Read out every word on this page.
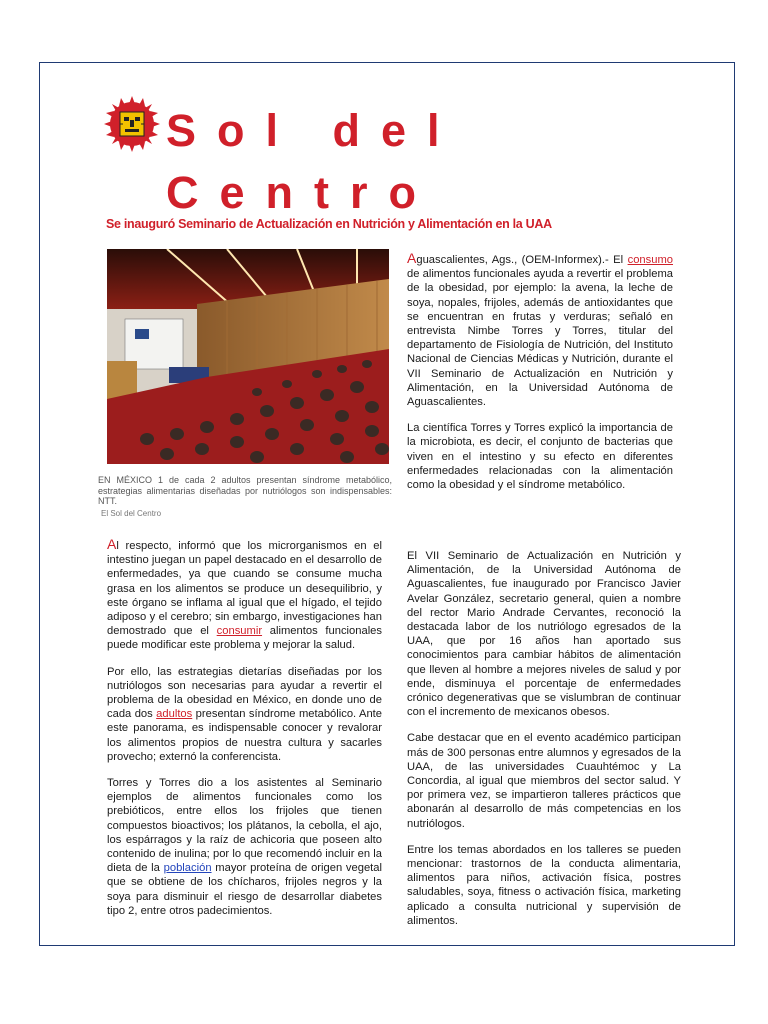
Sol del Centro
Se inauguró Seminario de Actualización en Nutrición y Alimentación en la UAA
EN MÉXICO 1 de cada 2 adultos presentan síndrome metabólico, estrategias alimentarias diseñadas por nutriólogos son indispensables: NTT.
El Sol del Centro

Aguascalientes, Ags., (OEM-Informex).- El consumo de alimentos funcionales ayuda a revertir el problema de la obesidad, por ejemplo: la avena, la leche de soya, nopales, frijoles, además de antioxidantes que se encuentran en frutas y verduras; señaló en entrevista Nimbe Torres y Torres, titular del departamento de Fisiología de Nutrición, del Instituto Nacional de Ciencias Médicas y Nutrición, durante el VII Seminario de Actualización en Nutrición y Alimentación, en la Universidad Autónoma de Aguascalientes.

La científica Torres y Torres explicó la importancia de la microbiota, es decir, el conjunto de bacterias que viven en el intestino y su efecto en diferentes enfermedades relacionadas con la alimentación como la obesidad y el síndrome metabólico.

Al respecto, informó que los microrganismos en el intestino juegan un papel destacado en el desarrollo de enfermedades, ya que cuando se consume mucha grasa en los alimentos se produce un desequilibrio, y este órgano se inflama al igual que el hígado, el tejido adiposo y el cerebro; sin embargo, investigaciones han demostrado que el consumir alimentos funcionales puede modificar este problema y mejorar la salud.

Por ello, las estrategias dietarías diseñadas por los nutriólogos son necesarias para ayudar a revertir el problema de la obesidad en México, en donde uno de cada dos adultos presentan síndrome metabólico. Ante este panorama, es indispensable conocer y revalorar los alimentos propios de nuestra cultura y sacarles provecho; externó la conferencista.

Torres y Torres dio a los asistentes al Seminario ejemplos de alimentos funcionales como los prebióticos, entre ellos los frijoles que tienen compuestos bioactivos; los plátanos, la cebolla, el ajo, los espárragos y la raíz de achicoria que poseen alto contenido de inulina; por lo que recomendó incluir en la dieta de la población mayor proteína de origen vegetal que se obtiene de los chícharos, frijoles negros y la soya para disminuir el riesgo de desarrollar diabetes tipo 2, entre otros padecimientos.

El VII Seminario de Actualización en Nutrición y Alimentación, de la Universidad Autónoma de Aguascalientes, fue inaugurado por Francisco Javier Avelar González, secretario general, quien a nombre del rector Mario Andrade Cervantes, reconoció la destacada labor de los nutriólogo egresados de la UAA, que por 16 años han aportado sus conocimientos para cambiar hábitos de alimentación que lleven al hombre a mejores niveles de salud y por ende, disminuya el porcentaje de enfermedades crónico degenerativas que se vislumbran de continuar con el incremento de mexicanos obesos.

Cabe destacar que en el evento académico participan más de 300 personas entre alumnos y egresados de la UAA, de las universidades Cuauhtémoc y La Concordia, al igual que miembros del sector salud. Y por primera vez, se impartieron talleres prácticos que abonarán al desarrollo de más competencias en los nutriólogos.

Entre los temas abordados en los talleres se pueden mencionar: trastornos de la conducta alimentaria, alimentos para niños, activación física, postres saludables, soya, fitness o activación física, marketing aplicado a consulta nutricional y supervisión de alimentos.
